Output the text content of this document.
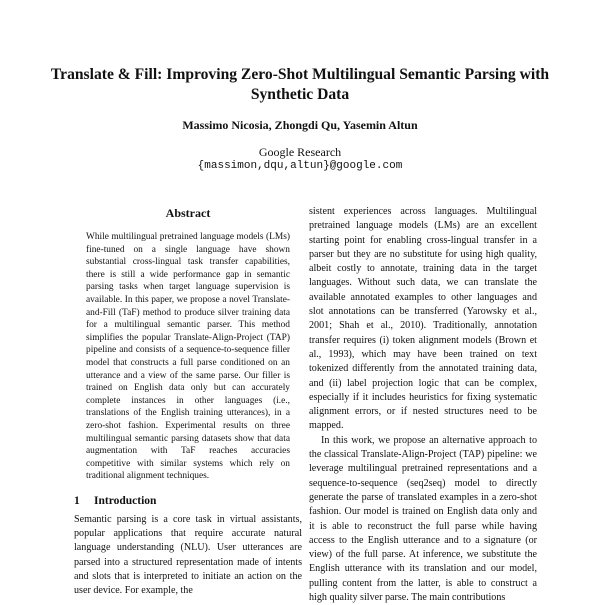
Translate & Fill: Improving Zero-Shot Multilingual Semantic Parsing with Synthetic Data
Massimo Nicosia, Zhongdi Qu, Yasemin Altun
Google Research
{massimon,dqu,altun}@google.com
Abstract
While multilingual pretrained language models (LMs) fine-tuned on a single language have shown substantial cross-lingual task transfer capabilities, there is still a wide performance gap in semantic parsing tasks when target language supervision is available. In this paper, we propose a novel Translate-and-Fill (TaF) method to produce silver training data for a multilingual semantic parser. This method simplifies the popular Translate-Align-Project (TAP) pipeline and consists of a sequence-to-sequence filler model that constructs a full parse conditioned on an utterance and a view of the same parse. Our filler is trained on English data only but can accurately complete instances in other languages (i.e., translations of the English training utterances), in a zero-shot fashion. Experimental results on three multilingual semantic parsing datasets show that data augmentation with TaF reaches accuracies competitive with similar systems which rely on traditional alignment techniques.
1 Introduction

Semantic parsing is a core task in virtual assistants, popular applications that require accurate natural language understanding (NLU). User utterances are parsed into a structured representation made of intents and slots that is interpreted to initiate an action on the user device. For example, the

sistent experiences across languages. Multilingual pretrained language models (LMs) are an excellent starting point for enabling cross-lingual transfer in a parser but they are no substitute for using high quality, albeit costly to annotate, training data in the target languages. Without such data, we can translate the available annotated examples to other languages and slot annotations can be transferred (Yarowsky et al., 2001; Shah et al., 2010). Traditionally, annotation transfer requires (i) token alignment models (Brown et al., 1993), which may have been trained on text tokenized differently from the annotated training data, and (ii) label projection logic that can be complex, especially if it includes heuristics for fixing systematic alignment errors, or if nested structures need to be mapped.

In this work, we propose an alternative approach to the classical Translate-Align-Project (TAP) pipeline: we leverage multilingual pretrained representations and a sequence-to-sequence (seq2seq) model to directly generate the parse of translated examples in a zero-shot fashion. Our model is trained on English data only and it is able to reconstruct the full parse while having access to the English utterance and to a signature (or view) of the full parse. At inference, we substitute the English utterance with its translation and our model, pulling content from the latter, is able to construct a high quality silver parse. The main contributions
